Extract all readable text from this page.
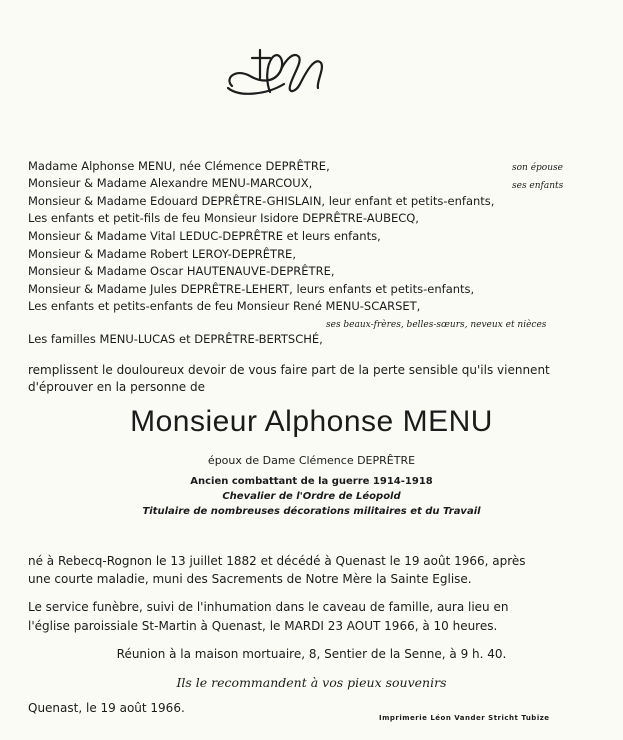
Madame Alphonse MENU, née Clémence DEPRÊTRE,	son épouse
Monsieur & Madame Alexandre MENU-MARCOUX,	ses enfants
Monsieur & Madame Edouard DEPRÊTRE-GHISLAIN, leur enfant et petits-enfants,
Les enfants et petit-fils de feu Monsieur Isidore DEPRÊTRE-AUBECQ,
Monsieur & Madame Vital LEDUC-DEPRÊTRE et leurs enfants,
Monsieur & Madame Robert LEROY-DEPRÊTRE,
Monsieur & Madame Oscar HAUTENAUVE-DEPRÊTRE,
Monsieur & Madame Jules DEPRÊTRE-LEHERT, leurs enfants et petits-enfants,
Les enfants et petits-enfants de feu Monsieur René MENU-SCARSET,
ses beaux-frères, belles-sœurs, neveux et nièces
Les familles MENU-LUCAS et DEPRÊTRE-BERTSCHÉ,
remplissent le douloureux devoir de vous faire part de la perte sensible qu'ils viennent
d'éprouver en la personne de
Monsieur Alphonse MENU
époux de Dame Clémence DEPRÊTRE
Ancien combattant de la guerre 1914-1918
Chevalier de l'Ordre de Léopold
Titulaire de nombreuses décorations militaires et du Travail
né à Rebecq-Rognon le 13 juillet 1882 et décédé à Quenast le 19 août 1966, après
une courte maladie, muni des Sacrements de Notre Mère la Sainte Eglise.
Le service funèbre, suivi de l'inhumation dans le caveau de famille, aura lieu en
l'église paroissiale St-Martin à Quenast, le MARDI 23 AOUT 1966, à 10 heures.
Réunion à la maison mortuaire, 8, Sentier de la Senne, à 9 h. 40.
Ils le recommandent à vos pieux souvenirs
Quenast, le 19 août 1966.
Imprimerie Léon Vander Stricht Tubize
